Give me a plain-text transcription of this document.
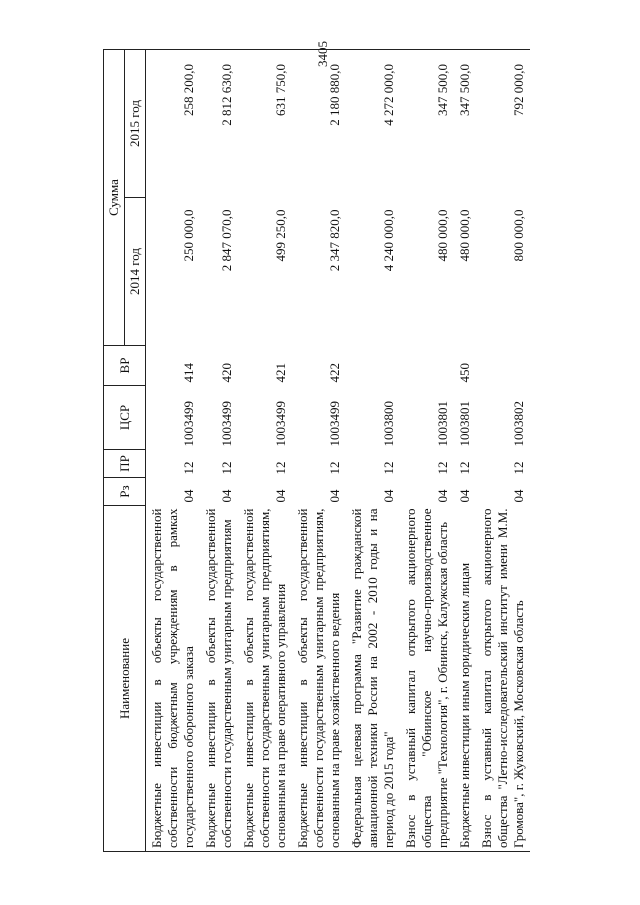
3405
Наименование	Рз	ПР	ЦСР	ВР	Сумма	
					2014 год	2015 год
Бюджетные инвестиции в объекты государственной собственности бюджетным учреждениям в рамках государственного оборонного заказа	04	12	1003499	414	250 000,0	258 200,0
Бюджетные инвестиции в объекты государственной собственности государственным унитарным предприятиям	04	12	1003499	420	2 847 070,0	2 812 630,0
Бюджетные инвестиции в объекты государственной собственности государственным унитарным предприятиям, основанным на праве оперативного управления	04	12	1003499	421	499 250,0	631 750,0
Бюджетные инвестиции в объекты государственной собственности государственным унитарным предприятиям, основанным на праве хозяйственного ведения	04	12	1003499	422	2 347 820,0	2 180 880,0
Федеральная целевая программа "Развитие гражданской авиационной техники России на 2002 - 2010 годы и на период до 2015 года"	04	12	1003800		4 240 000,0	4 272 000,0
Взнос в уставный капитал открытого акционерного общества "Обнинское научно-производственное предприятие "Технология", г. Обнинск, Калужская область	04	12	1003801		480 000,0	347 500,0
Бюджетные инвестиции иным юридическим лицам	04	12	1003801	450	480 000,0	347 500,0
Взнос в уставный капитал открытого акционерного общества "Летно-исследовательский институт имени М.М. Громова", г. Жуковский, Московская область	04	12	1003802		800 000,0	792 000,0
